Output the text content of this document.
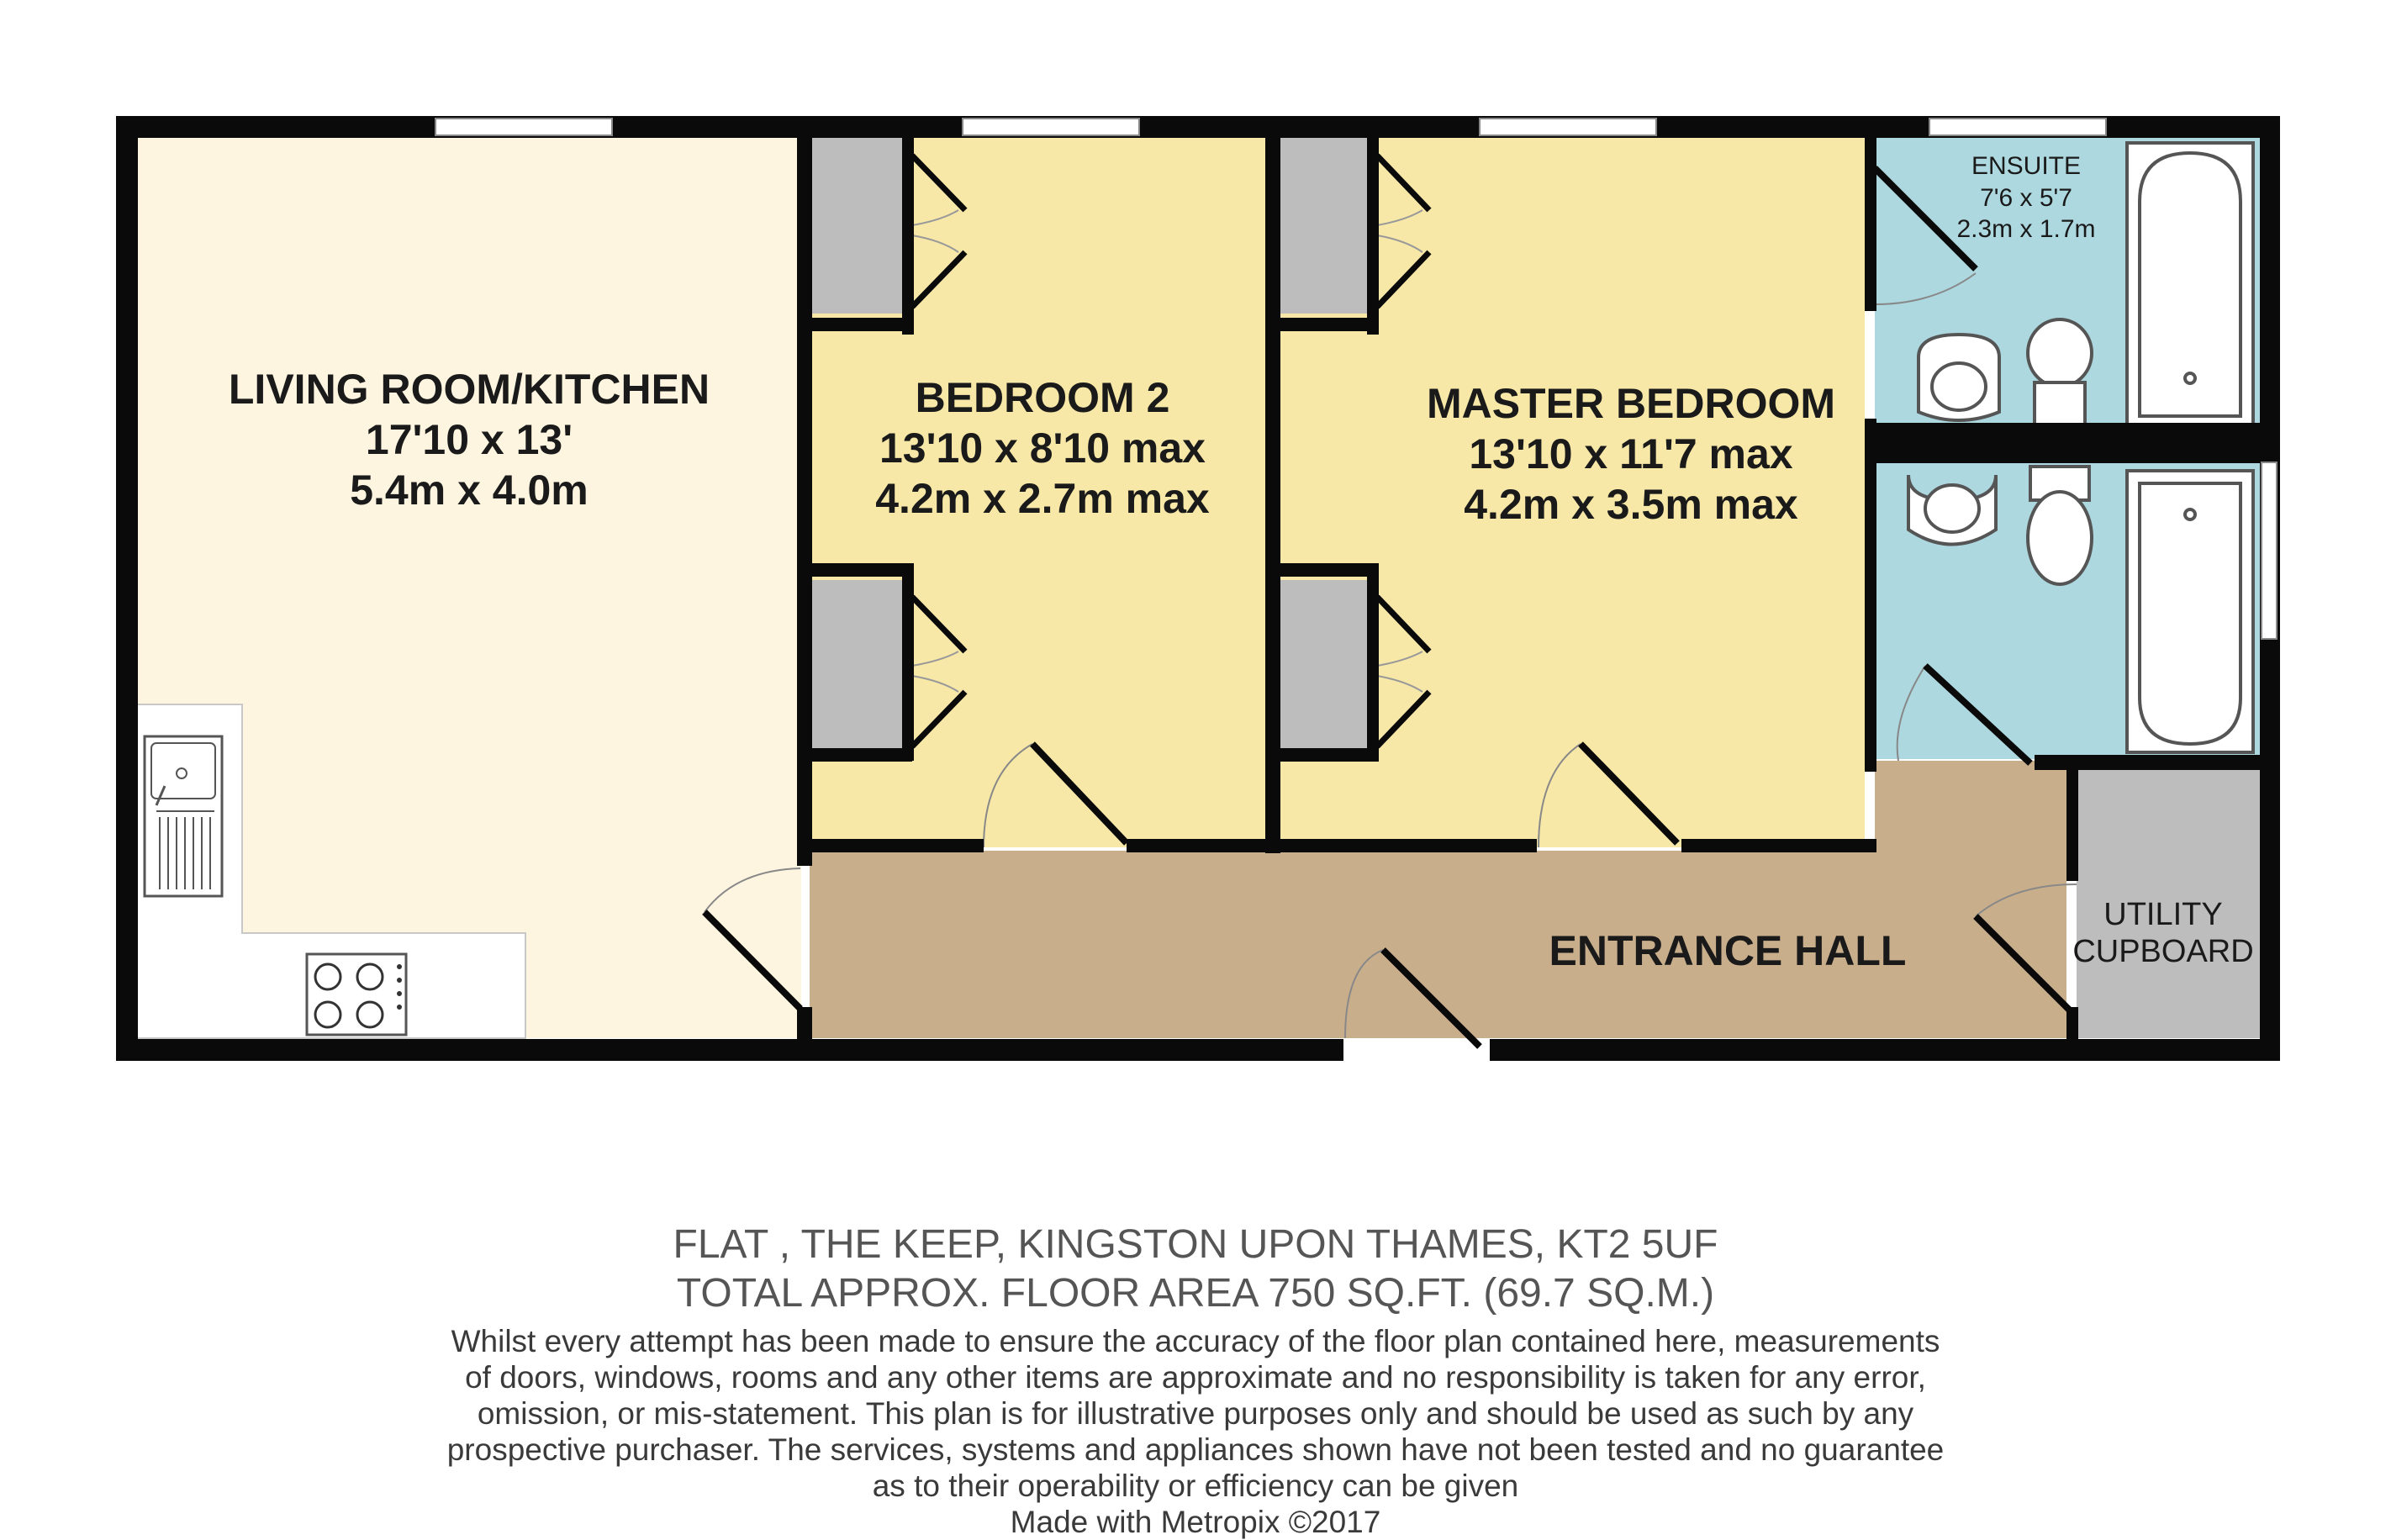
LIVING ROOM/KITCHEN
17'10 x 13'
5.4m x 4.0m
BEDROOM 2
13'10 x 8'10 max
4.2m x 2.7m max
MASTER BEDROOM
13'10 x 11'7 max
4.2m x 3.5m max
ENSUITE
7'6 x 5'7
2.3m x 1.7m
ENTRANCE HALL
UTILITY
CUPBOARD
FLAT , THE KEEP, KINGSTON UPON THAMES, KT2 5UF
TOTAL APPROX. FLOOR AREA 750 SQ.FT. (69.7 SQ.M.)
Whilst every attempt has been made to ensure the accuracy of the floor plan contained here, measurements
of doors, windows, rooms and any other items are approximate and no responsibility is taken for any error,
omission, or mis-statement. This plan is for illustrative purposes only and should be used as such by any
prospective purchaser. The services, systems and appliances shown have not been tested and no guarantee
as to their operability or efficiency can be given
Made with Metropix ©2017
